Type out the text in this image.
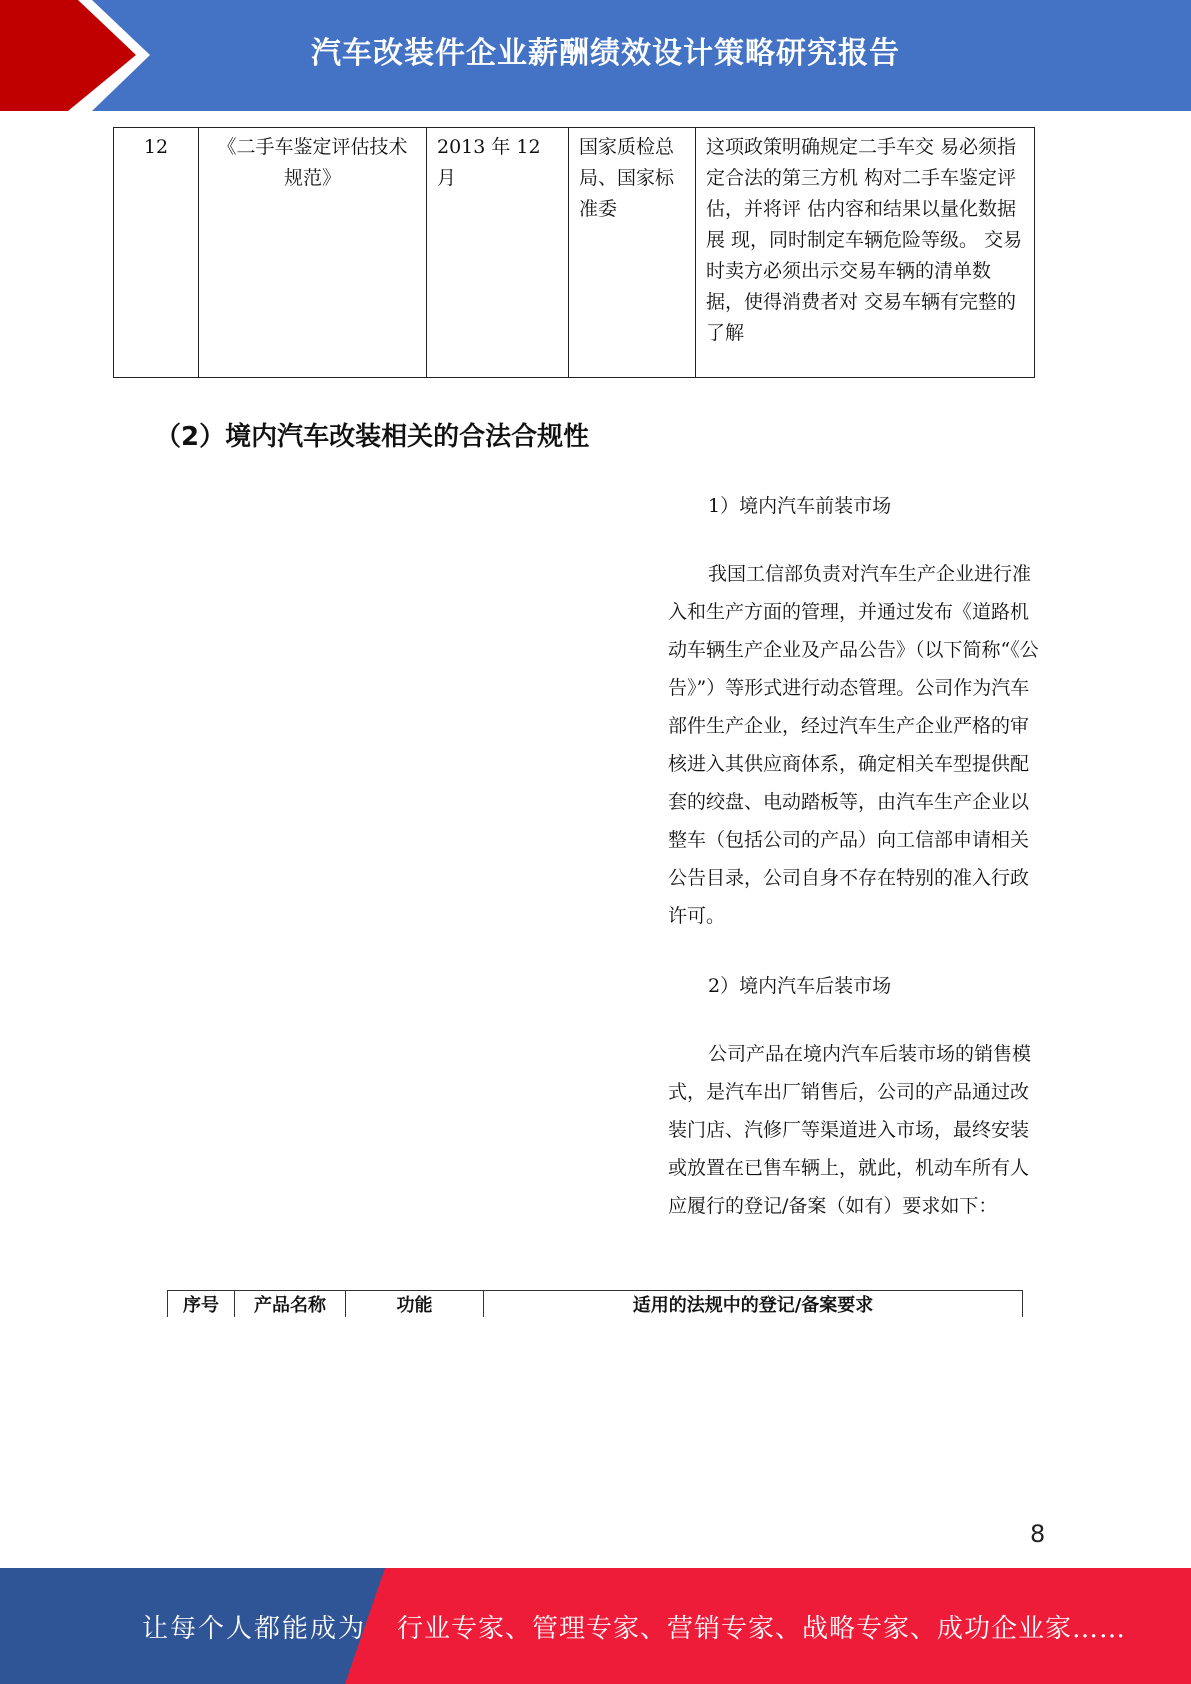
汽车改装件企业薪酬绩效设计策略研究报告
12	《二手车鉴定评估技术规范》	2013 年 12 月	国家质检总局、国家标准委	这项政策明确规定二手车交 易必须指定合法的第三方机 构对二手车鉴定评估，并将评 估内容和结果以量化数据展 现，同时制定车辆危险等级。 交易时卖方必须出示交易车辆的清单数据，使得消费者对 交易车辆有完整的了解
（2）境内汽车改装相关的合法合规性

1）境内汽车前装市场

我国工信部负责对汽车生产企业进行准入和生产方面的管理，并通过发布《道路机动车辆生产企业及产品公告》（以下简称“《公告》”）等形式进行动态管理。公司作为汽车部件生产企业，经过汽车生产企业严格的审核进入其供应商体系，确定相关车型提供配套的绞盘、电动踏板等，由汽车生产企业以整车（包括公司的产品）向工信部申请相关公告目录，公司自身不存在特别的准入行政许可。

2）境内汽车后装市场

公司产品在境内汽车后装市场的销售模式，是汽车出厂销售后，公司的产品通过改装门店、汽修厂等渠道进入市场，最终安装或放置在已售车辆上，就此，机动车所有人应履行的登记/备案（如有）要求如下：

序号	产品名称	功能	适用的法规中的登记/备案要求
8
让每个人都能成为 行业专家、管理专家、营销专家、战略专家、成功企业家……
